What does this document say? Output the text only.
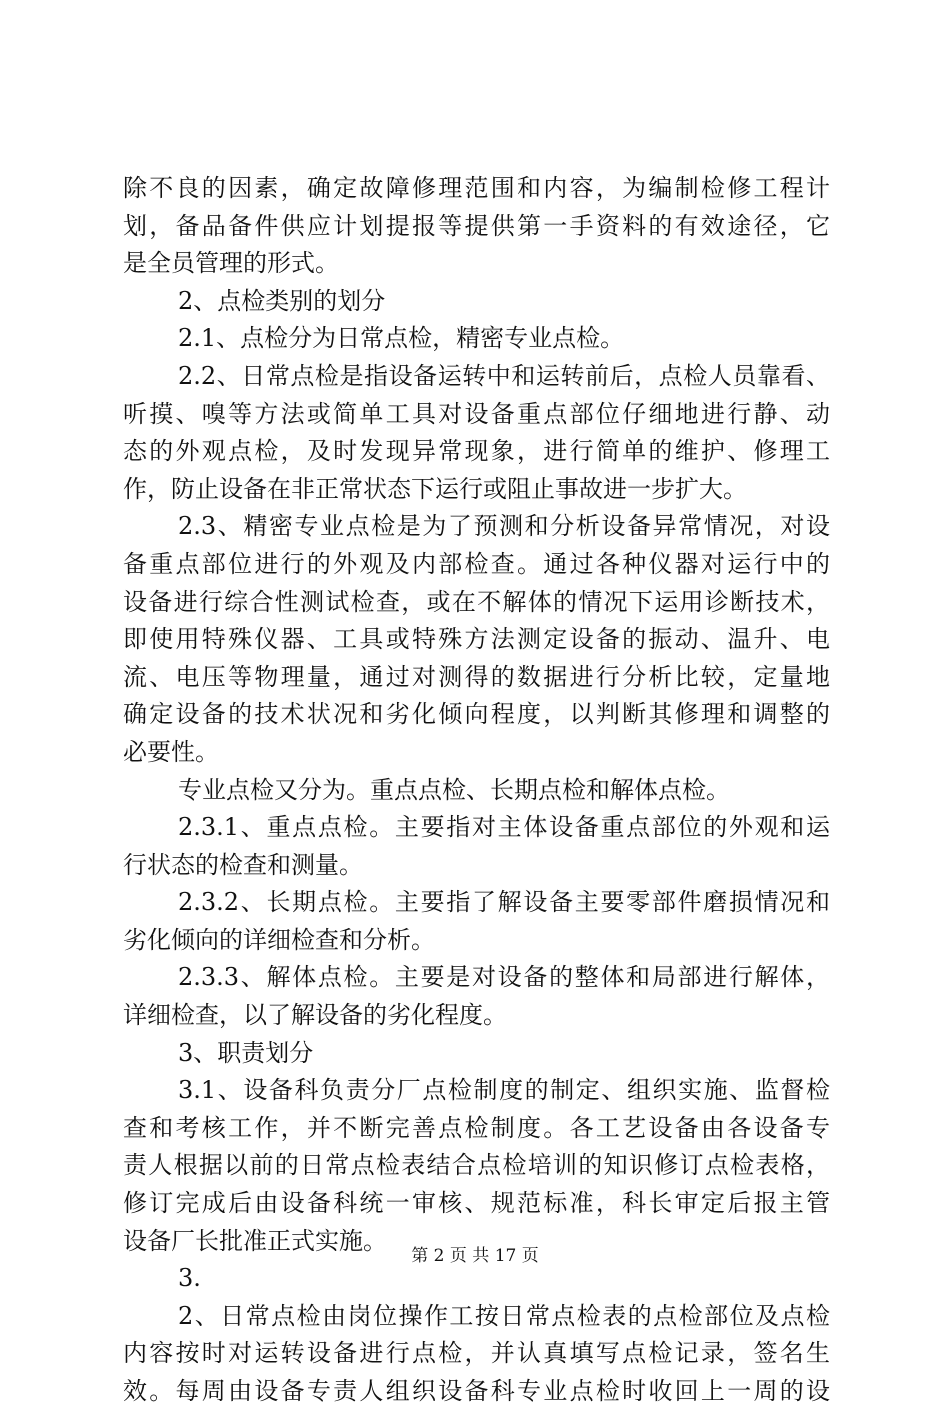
除不良的因素，确定故障修理范围和内容，为编制检修工程计
划，备品备件供应计划提报等提供第一手资料的有效途径，它
是全员管理的形式。
2、点检类别的划分
2.1、点检分为日常点检，精密专业点检。
2.2、日常点检是指设备运转中和运转前后，点检人员靠看、
听摸、嗅等方法或简单工具对设备重点部位仔细地进行静、动
态的外观点检，及时发现异常现象，进行简单的维护、修理工
作，防止设备在非正常状态下运行或阻止事故进一步扩大。
2.3、精密专业点检是为了预测和分析设备异常情况，对设
备重点部位进行的外观及内部检查。通过各种仪器对运行中的
设备进行综合性测试检查，或在不解体的情况下运用诊断技术，
即使用特殊仪器、工具或特殊方法测定设备的振动、温升、电
流、电压等物理量，通过对测得的数据进行分析比较，定量地
确定设备的技术状况和劣化倾向程度，以判断其修理和调整的
必要性。
专业点检又分为。重点点检、长期点检和解体点检。
2.3.1、重点点检。主要指对主体设备重点部位的外观和运
行状态的检查和测量。
2.3.2、长期点检。主要指了解设备主要零部件磨损情况和
劣化倾向的详细检查和分析。
2.3.3、解体点检。主要是对设备的整体和局部进行解体，
详细检查，以了解设备的劣化程度。
3、职责划分
3.1、设备科负责分厂点检制度的制定、组织实施、监督检
查和考核工作，并不断完善点检制度。各工艺设备由各设备专
责人根据以前的日常点检表结合点检培训的知识修订点检表格，
修订完成后由设备科统一审核、规范标准，科长审定后报主管
设备厂长批准正式实施。
3.
2、日常点检由岗位操作工按日常点检表的点检部位及点检
内容按时对运转设备进行点检，并认真填写点检记录，签名生
效。每周由设备专责人组织设备科专业点检时收回上一周的设
第 2 页 共 17 页
